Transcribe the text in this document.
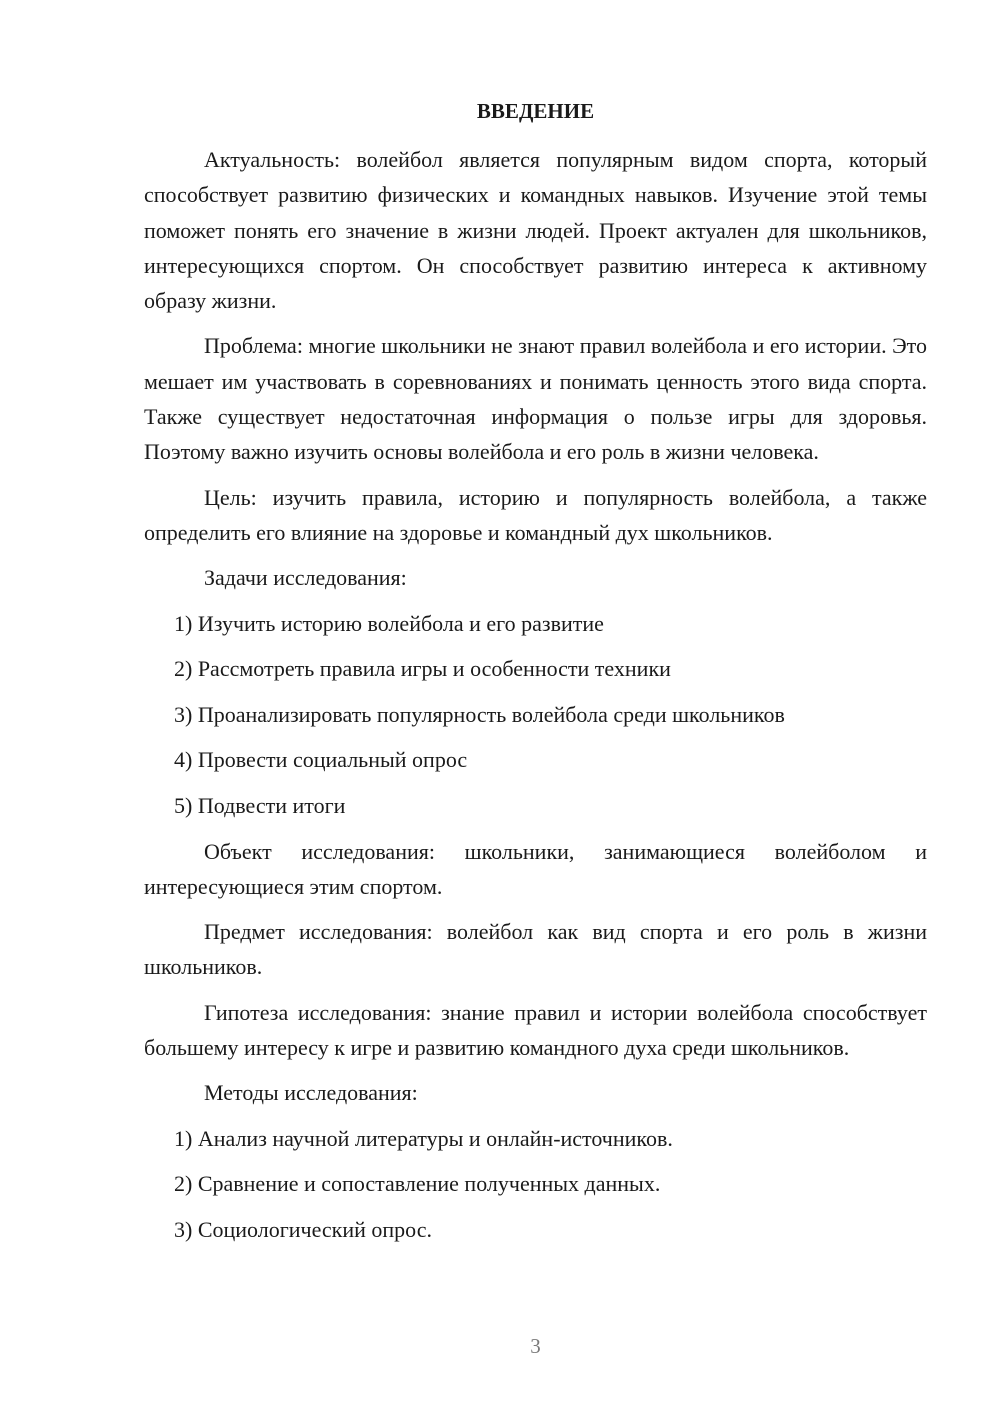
ВВЕДЕНИЕ

Актуальность: волейбол является популярным видом спорта, который способствует развитию физических и командных навыков. Изучение этой темы поможет понять его значение в жизни людей. Проект актуален для школьников, интересующихся спортом. Он способствует развитию интереса к активному образу жизни.

Проблема: многие школьники не знают правил волейбола и его истории. Это мешает им участвовать в соревнованиях и понимать ценность этого вида спорта. Также существует недостаточная информация о пользе игры для здоровья. Поэтому важно изучить основы волейбола и его роль в жизни человека.

Цель: изучить правила, историю и популярность волейбола, а также определить его влияние на здоровье и командный дух школьников.

Задачи исследования:

1) Изучить историю волейбола и его развитие
2) Рассмотреть правила игры и особенности техники
3) Проанализировать популярность волейбола среди школьников
4) Провести социальный опрос
5) Подвести итоги

Объект исследования: школьники, занимающиеся волейболом и интересующиеся этим спортом.

Предмет исследования: волейбол как вид спорта и его роль в жизни школьников.

Гипотеза исследования: знание правил и истории волейбола способствует большему интересу к игре и развитию командного духа среди школьников.

Методы исследования:

1) Анализ научной литературы и онлайн-источников.
2) Сравнение и сопоставление полученных данных.
3) Социологический опрос.
3
